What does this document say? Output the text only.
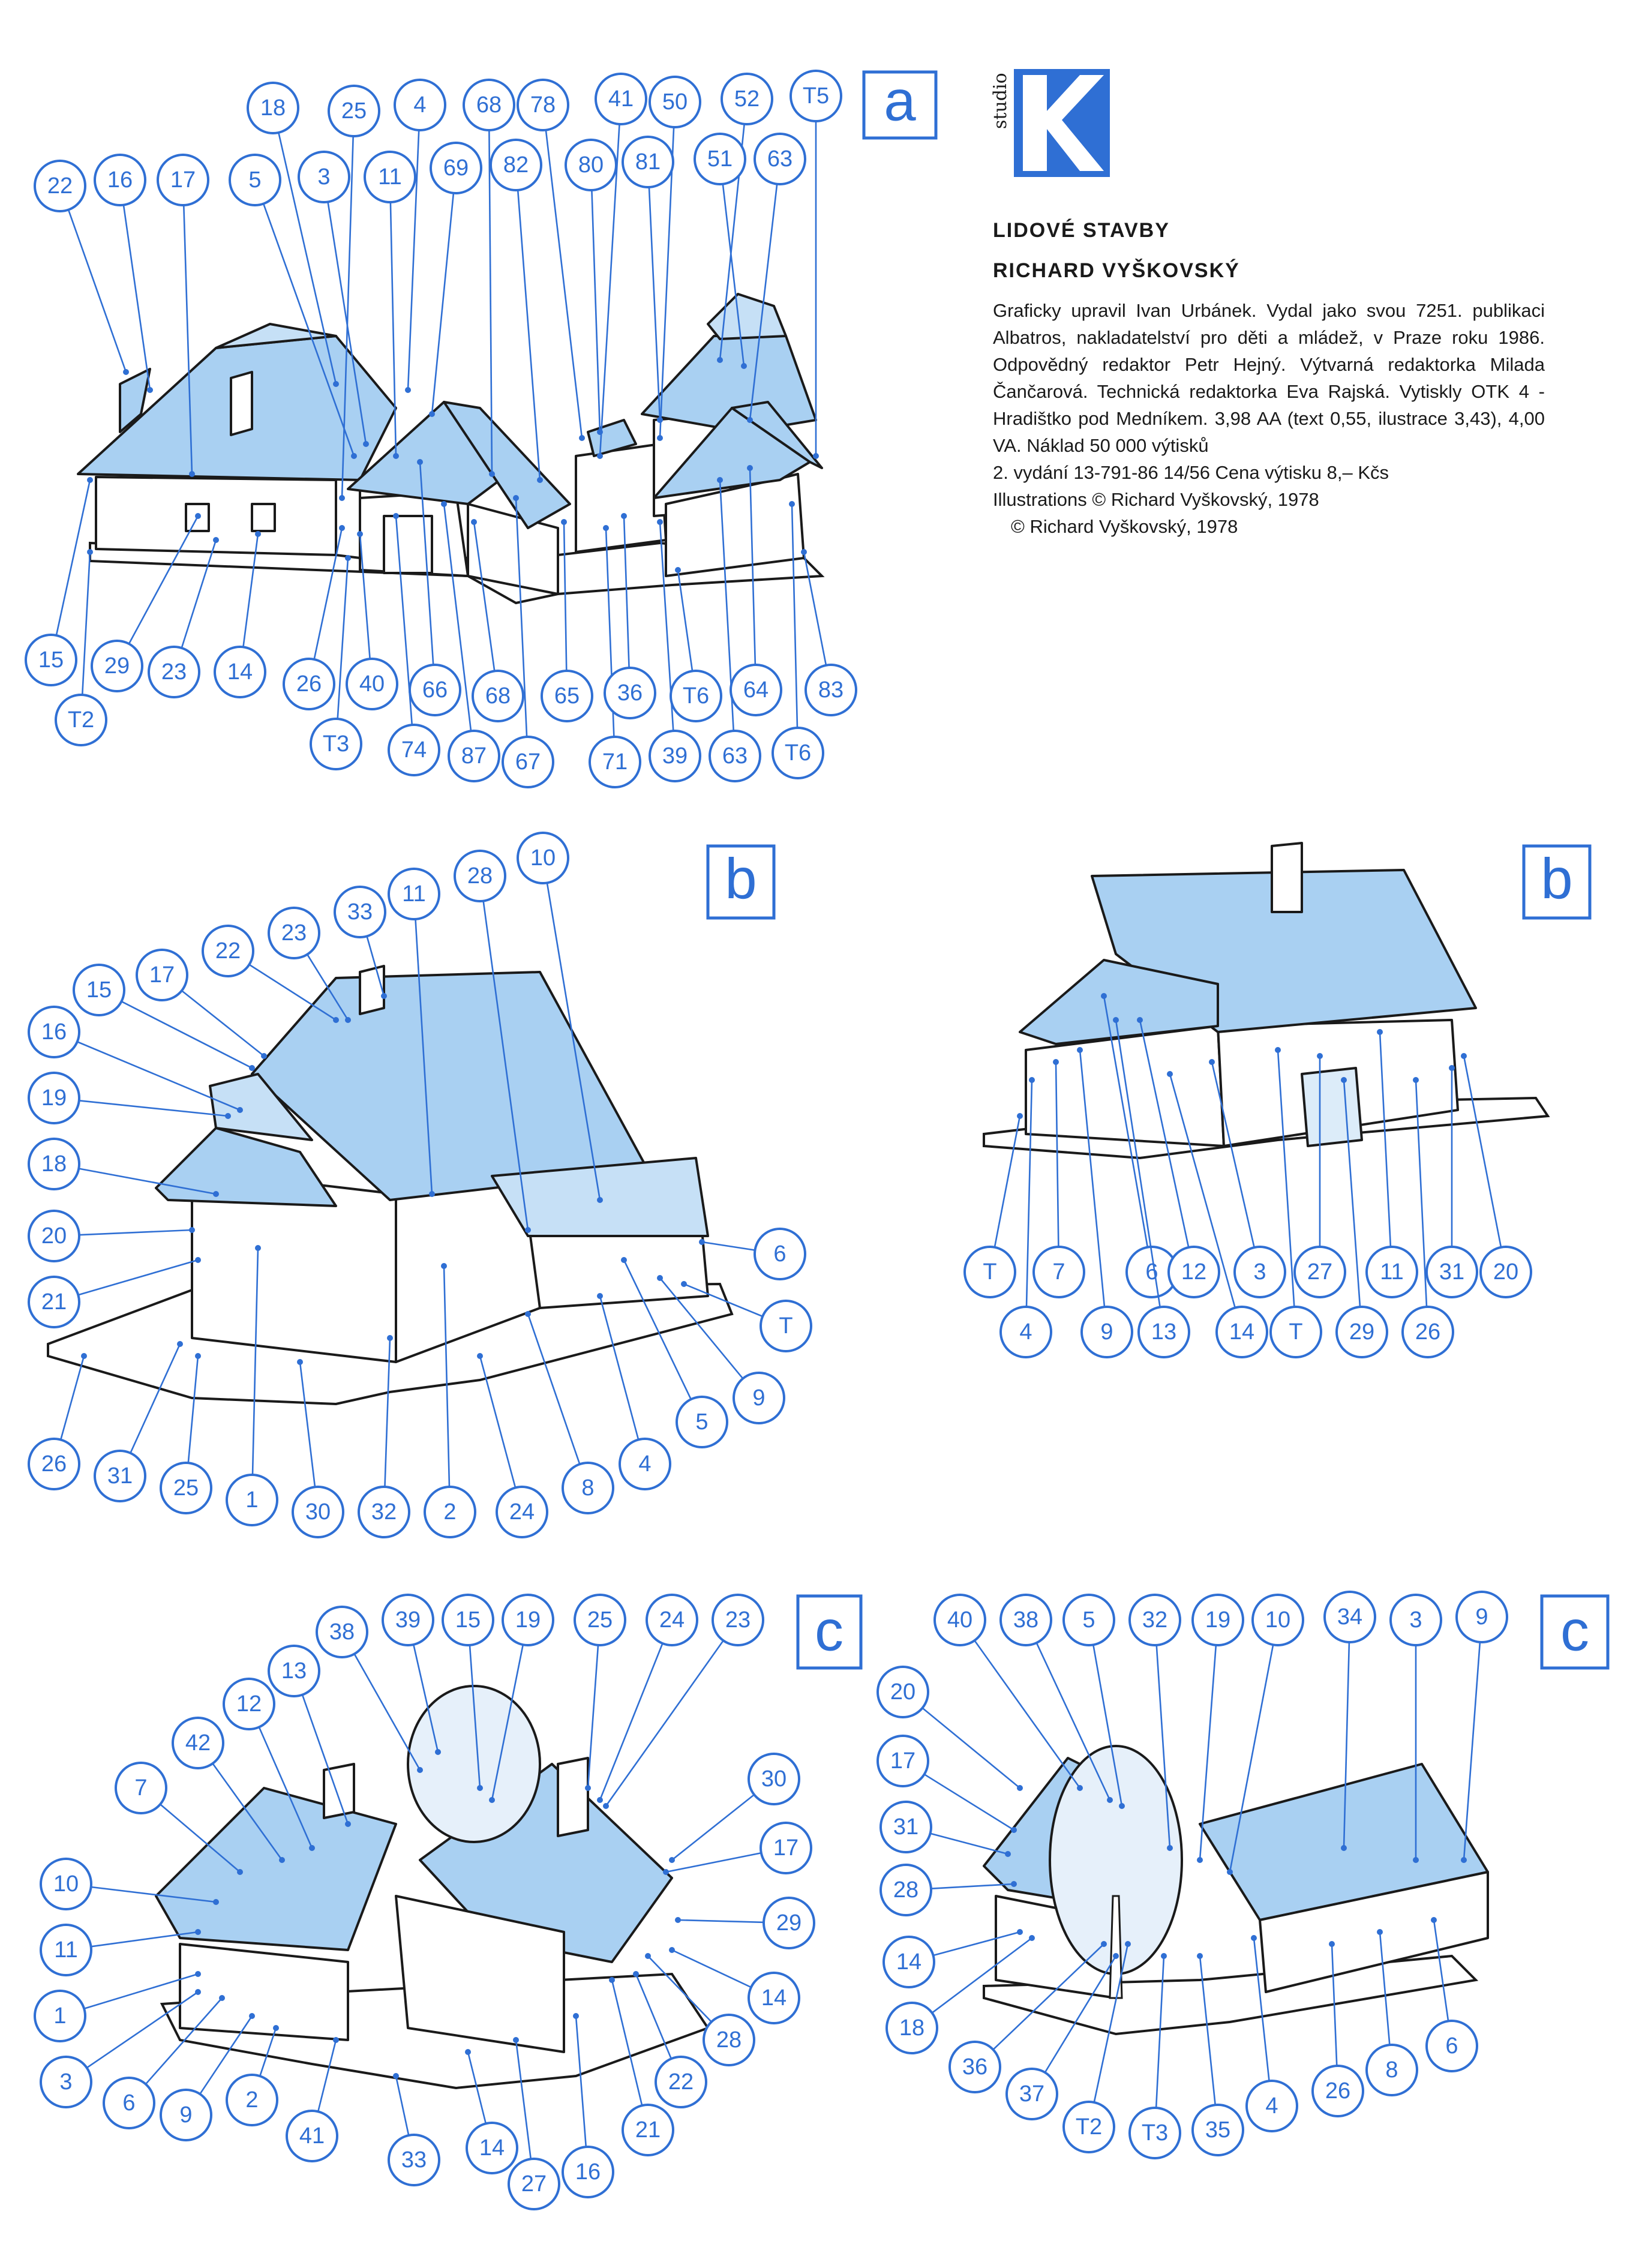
a
b	b
c	c
22 16 17
18
5
25
3
4
11
68
69
78
82
41
80
50
81
52
51
T5
63
15
T2
29 23 14 26
T3
40
74
66
87
68
67
65
71
36
39
T6
63
64
T6
83
33
23
22
17
15
16
19
18
20
21
26 31 25 1 30 32 2 24
8
4
5
9
T
6
10
28
11
T
4
7
9
6
13
12
14
3
T
27
29
11
26
31 20
38 39 15 19 25 24 23
13
12
42
7
10
11
1
3
6 9
2
41
33 14
27 16
21
22
28
14
29
17
30
40 38 5 32 19 10 34 3 9
20
17
31
28
14
18
36
37
T2 T3 35
4
26
8
6
studio
LIDOVÉ STAVBY
RICHARD VYŠKOVSKÝ

Graficky upravil Ivan Urbánek. Vydal jako svou 7251. publikaci Albatros, nakladatelství pro děti a mládež, v Praze roku 1986. Odpovědný redaktor Petr Hejný. Výtvarná redaktorka Milada Čančarová. Technická redaktorka Eva Rajská. Vytiskly OTK 4 - Hradištko pod Medníkem. 3,98 AA (text 0,55, ilustrace 3,43), 4,00 VA. Náklad 50 000 výtisků

2. vydání 13-791-86 14/56 Cena výtisku 8,– Kčs
Illustrations © Richard Vyškovský, 1978
© Richard Vyškovský, 1978
